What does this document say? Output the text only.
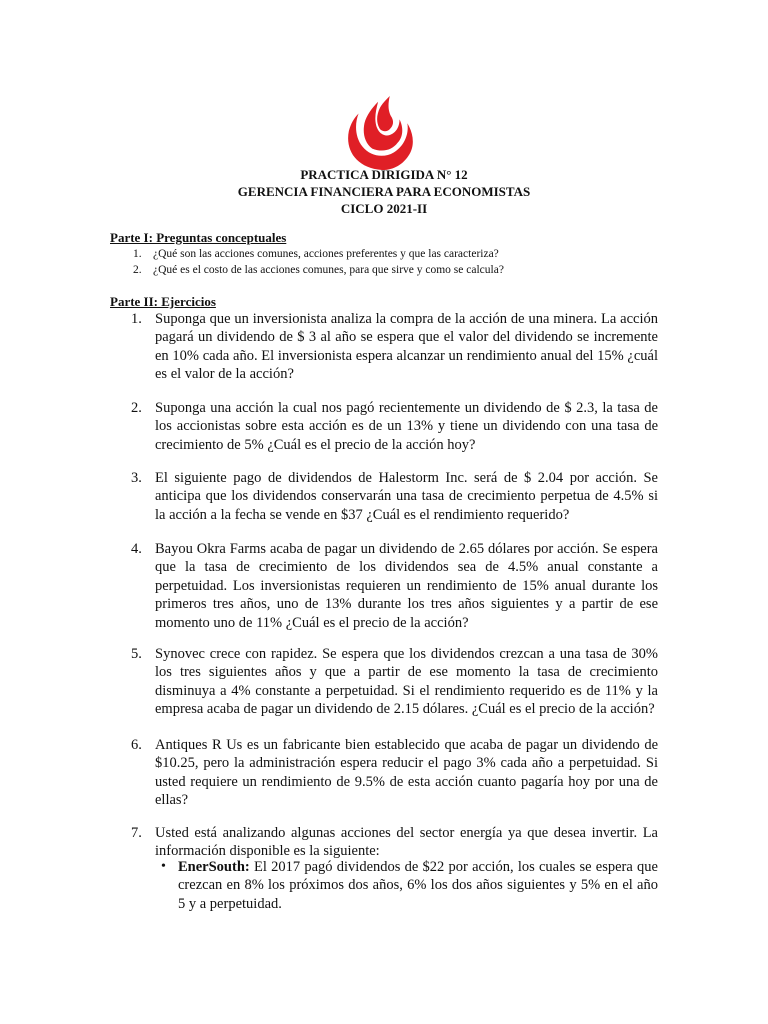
PRACTICA DIRIGIDA N° 12
GERENCIA FINANCIERA PARA ECONOMISTAS
CICLO 2021-II
Parte I: Preguntas conceptuales
1. ¿Qué son las acciones comunes, acciones preferentes y que las caracteriza?
2. ¿Qué es el costo de las acciones comunes, para que sirve y como se calcula?
Parte II: Ejercicios
1. Suponga que un inversionista analiza la compra de la acción de una minera. La acción pagará un dividendo de $ 3 al año se espera que el valor del dividendo se incremente en 10% cada año. El inversionista espera alcanzar un rendimiento anual del 15% ¿cuál es el valor de la acción?
2. Suponga una acción la cual nos pagó recientemente un dividendo de $ 2.3, la tasa de los accionistas sobre esta acción es de un 13% y tiene un dividendo con una tasa de crecimiento de 5% ¿Cuál es el precio de la acción hoy?
3. El siguiente pago de dividendos de Halestorm Inc. será de $ 2.04 por acción. Se anticipa que los dividendos conservarán una tasa de crecimiento perpetua de 4.5% si la acción a la fecha se vende en $37 ¿Cuál es el rendimiento requerido?
4. Bayou Okra Farms acaba de pagar un dividendo de 2.65 dólares por acción. Se espera que la tasa de crecimiento de los dividendos sea de 4.5% anual constante a perpetuidad. Los inversionistas requieren un rendimiento de 15% anual durante los primeros tres años, uno de 13% durante los tres años siguientes y a partir de ese momento uno de 11% ¿Cuál es el precio de la acción?
5. Synovec crece con rapidez. Se espera que los dividendos crezcan a una tasa de 30% los tres siguientes años y que a partir de ese momento la tasa de crecimiento disminuya a 4% constante a perpetuidad. Si el rendimiento requerido es de 11% y la empresa acaba de pagar un dividendo de 2.15 dólares. ¿Cuál es el precio de la acción?
6. Antiques R Us es un fabricante bien establecido que acaba de pagar un dividendo de $10.25, pero la administración espera reducir el pago 3% cada año a perpetuidad. Si usted requiere un rendimiento de 9.5% de esta acción cuanto pagaría hoy por una de ellas?
7. Usted está analizando algunas acciones del sector energía ya que desea invertir. La información disponible es la siguiente:
• EnerSouth: El 2017 pagó dividendos de $22 por acción, los cuales se espera que crezcan en 8% los próximos dos años, 6% los dos años siguientes y 5% en el año 5 y a perpetuidad.
